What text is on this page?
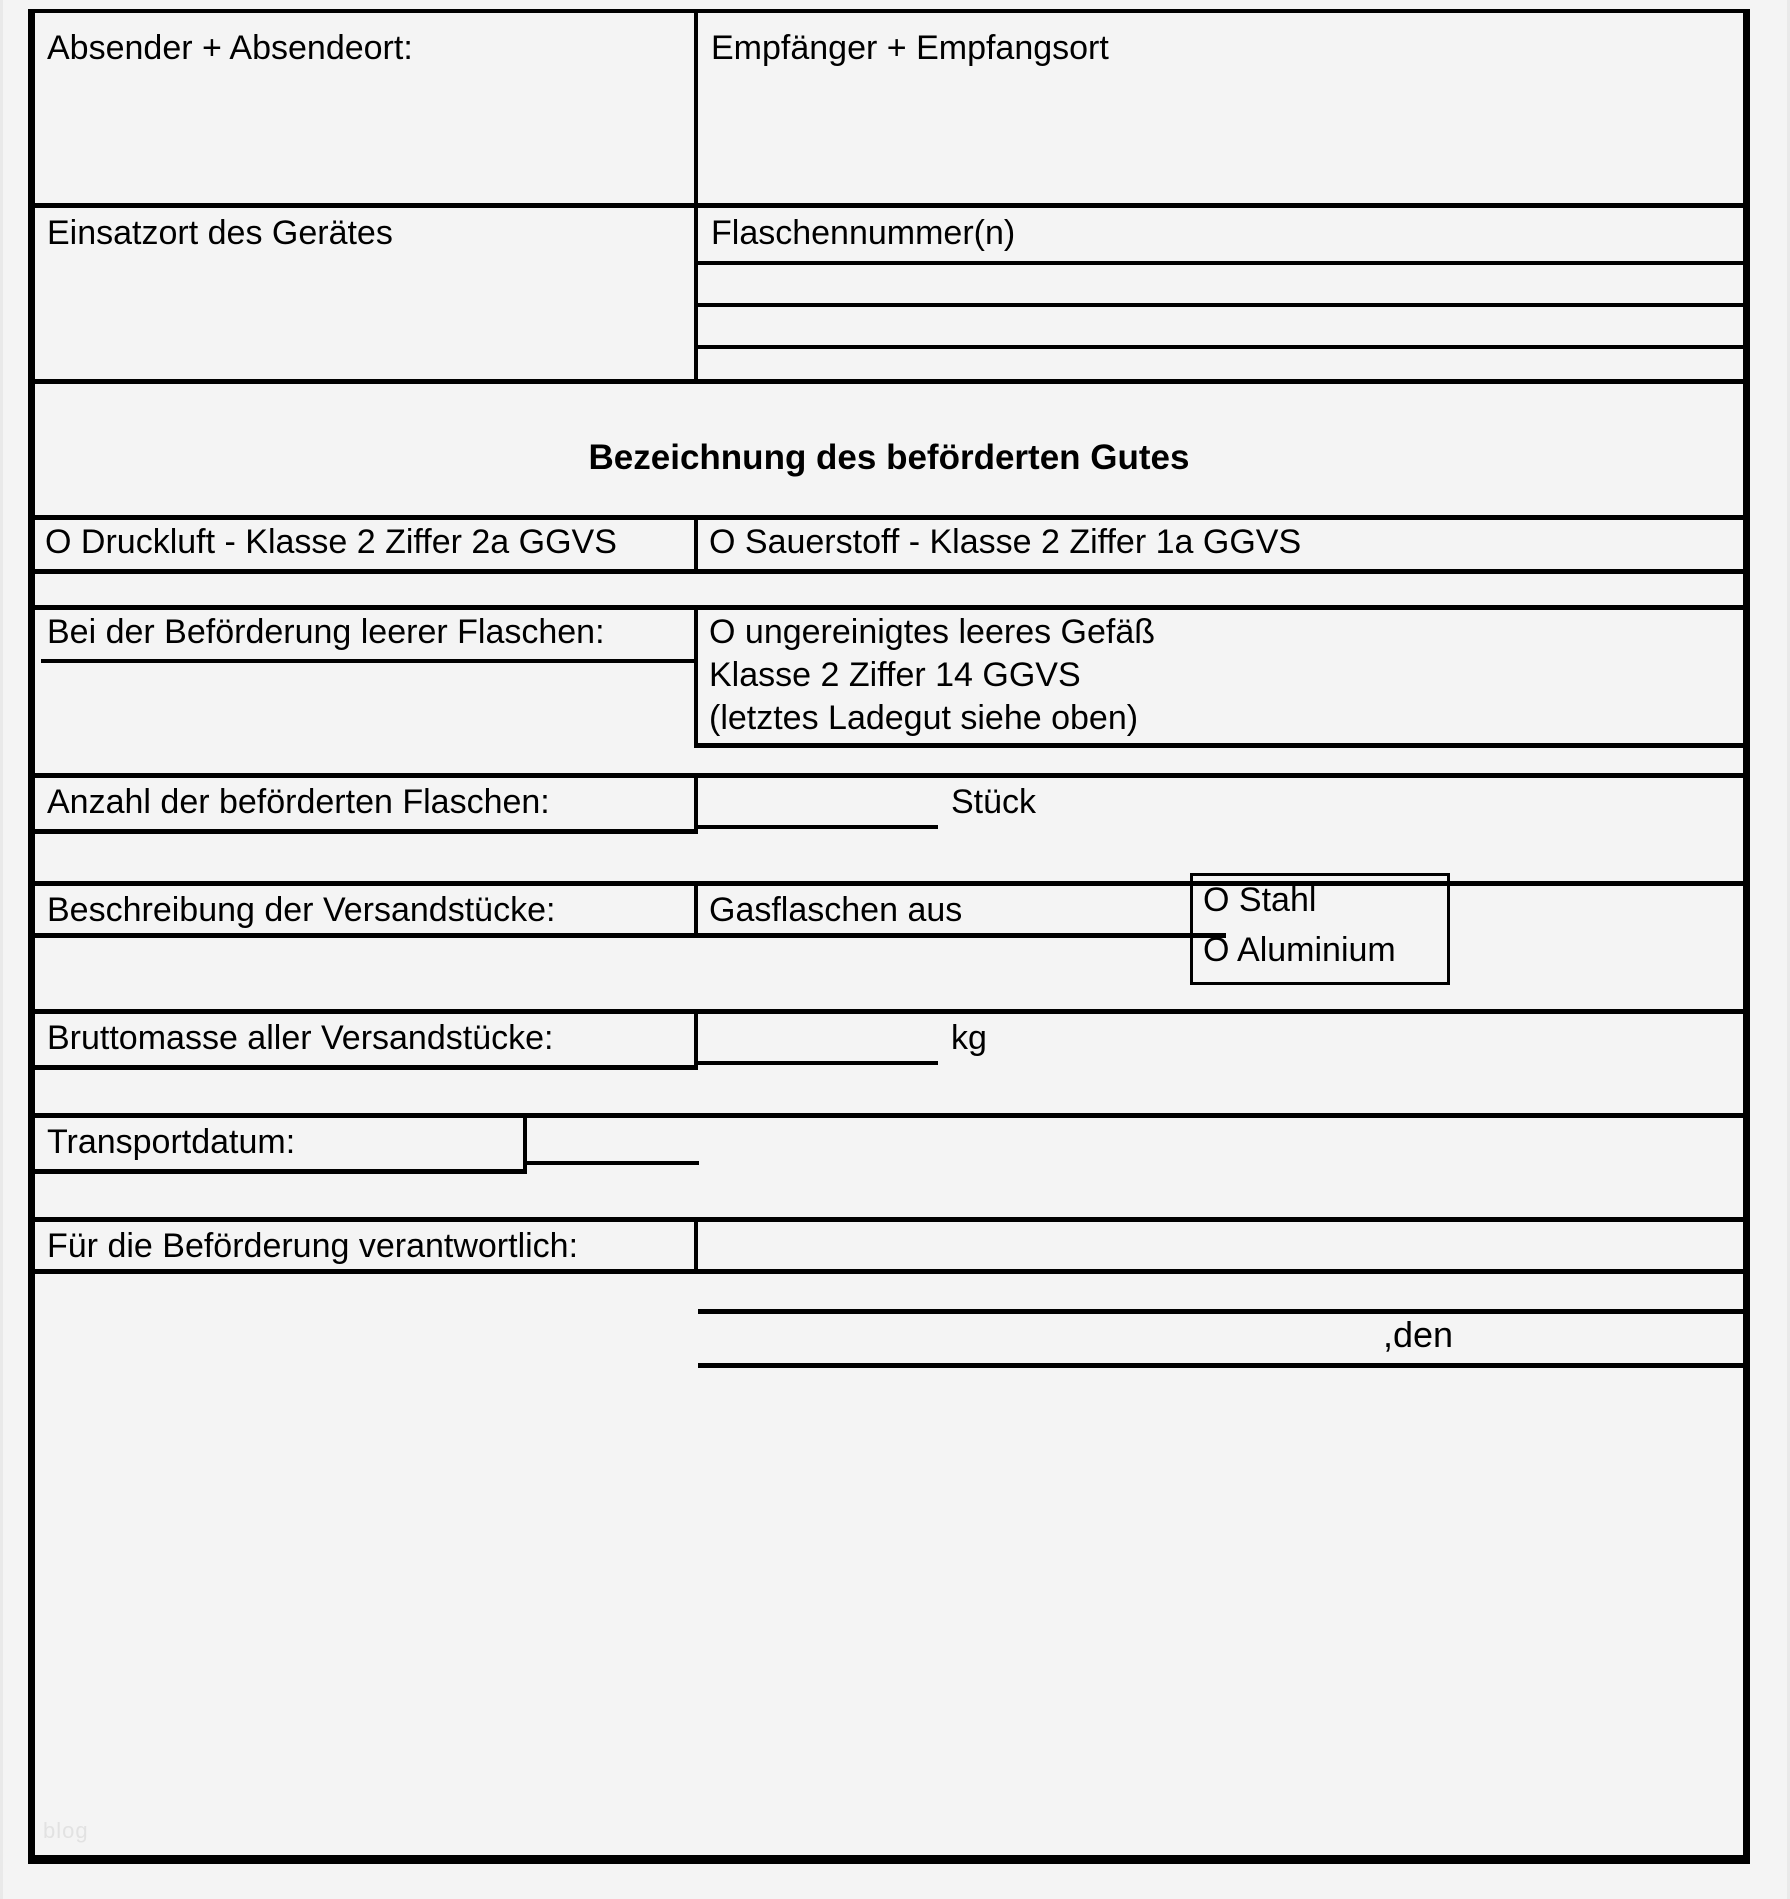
Absender + Absendeort:	Empfänger + Empfangsort
Einsatzort des Gerätes	Flaschennummer(n)
Bezeichnung des beförderten Gutes
O Druckluft - Klasse 2 Ziffer 2a GGVS	O Sauerstoff - Klasse 2 Ziffer 1a GGVS
Bei der Beförderung leerer Flaschen:	O ungereinigtes leeres Gefäß
Klasse 2 Ziffer 14 GGVS
(letztes Ladegut siehe oben)
Anzahl der beförderten Flaschen:	Stück
Beschreibung der Versandstücke:	Gasflaschen aus	O Stahl
O Aluminium
Bruttomasse aller Versandstücke:	kg
Transportdatum:
Für die Beförderung verantwortlich:
,den
blog
